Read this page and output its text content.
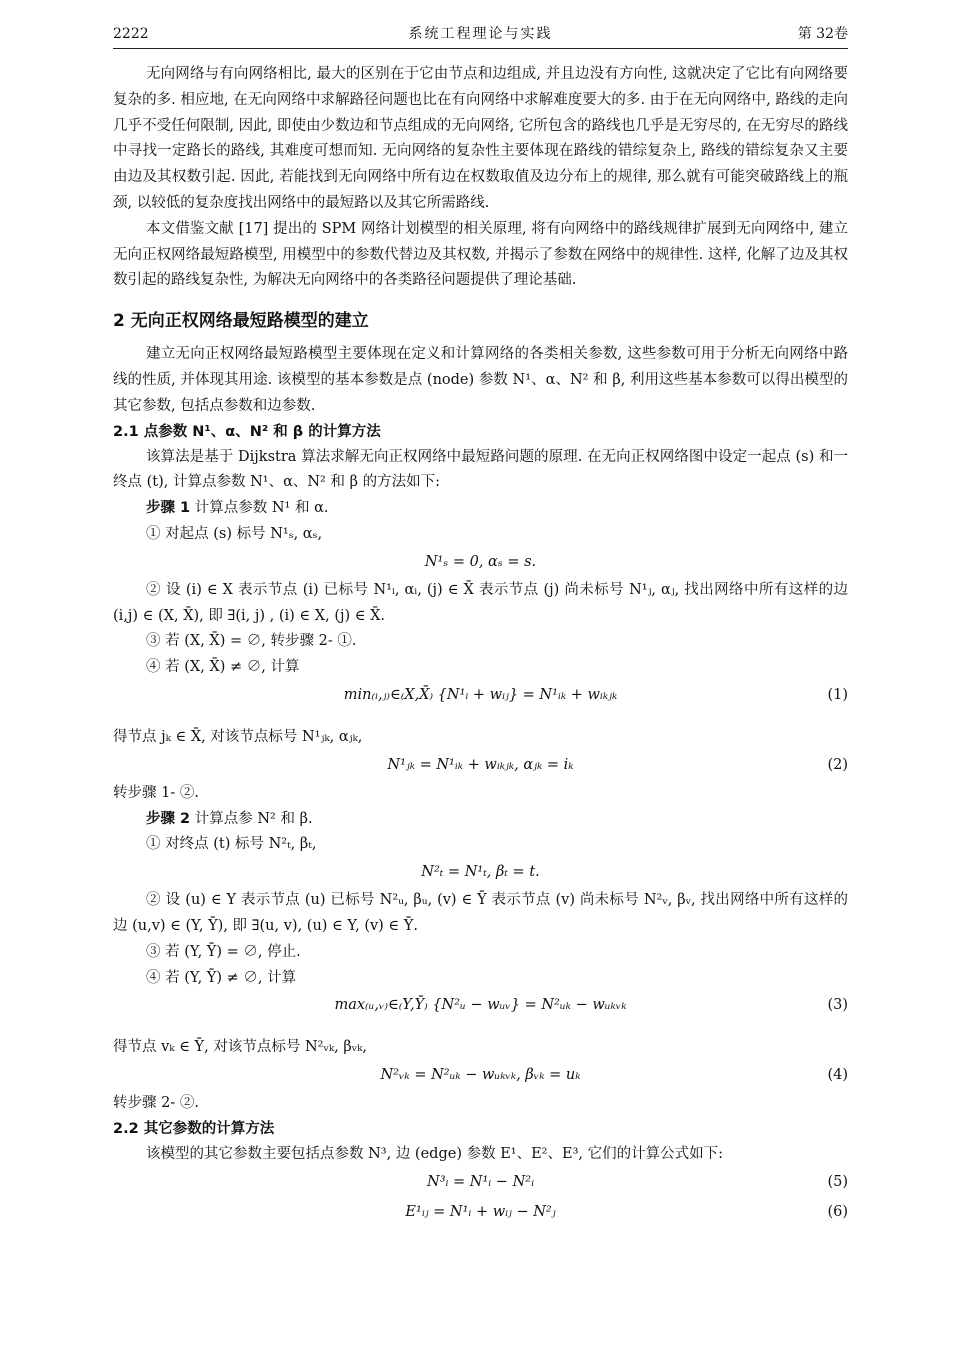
2222	系统工程理论与实践	第 32卷

无向网络与有向网络相比, 最大的区别在于它由节点和边组成, 并且边没有方向性, 这就决定了它比有向网络要复杂的多. 相应地, 在无向网络中求解路径问题也比在有向网络中求解难度要大的多. 由于在无向网络中, 路线的走向几乎不受任何限制, 因此, 即使由少数边和节点组成的无向网络, 它所包含的路线也几乎是无穷尽的, 在无穷尽的路线中寻找一定路长的路线, 其难度可想而知. 无向网络的复杂性主要体现在路线的错综复杂上, 路线的错综复杂又主要由边及其权数引起. 因此, 若能找到无向网络中所有边在权数取值及边分布上的规律, 那么就有可能突破路线上的瓶颈, 以较低的复杂度找出网络中的最短路以及其它所需路线.

本文借鉴文献 [17] 提出的 SPM 网络计划模型的相关原理, 将有向网络中的路线规律扩展到无向网络中, 建立无向正权网络最短路模型, 用模型中的参数代替边及其权数, 并揭示了参数在网络中的规律性. 这样, 化解了边及其权数引起的路线复杂性, 为解决无向网络中的各类路径问题提供了理论基础.

2 无向正权网络最短路模型的建立

建立无向正权网络最短路模型主要体现在定义和计算网络的各类相关参数, 这些参数可用于分析无向网络中路线的性质, 并体现其用途. 该模型的基本参数是点 (node) 参数 N¹、α、N² 和 β, 利用这些基本参数可以得出模型的其它参数, 包括点参数和边参数.

2.1 点参数 N¹、α、N² 和 β 的计算方法

该算法是基于 Dijkstra 算法求解无向正权网络中最短路问题的原理. 在无向正权网络图中设定一起点 (s) 和一终点 (t), 计算点参数 N¹、α、N² 和 β 的方法如下:

步骤 1 计算点参数 N¹ 和 α.

① 对起点 (s) 标号 N¹ₛ, αₛ,

N¹ₛ = 0, αₛ = s.

② 设 (i) ∈ X 表示节点 (i) 已标号 N¹ᵢ, αᵢ, (j) ∈ X̄ 表示节点 (j) 尚未标号 N¹ⱼ, αⱼ, 找出网络中所有这样的边 (i,j) ∈ (X, X̄), 即 ∃(i, j) , (i) ∈ X, (j) ∈ X̄.

③ 若 (X, X̄) = ∅, 转步骤 2- ①.

④ 若 (X, X̄) ≠ ∅, 计算

min₍ᵢ,ⱼ₎∈₍X,X̄₎ {N¹ᵢ + wᵢⱼ} = N¹ᵢₖ + wᵢₖⱼₖ	(1)

得节点 jₖ ∈ X̄, 对该节点标号 N¹ⱼₖ, αⱼₖ,

N¹ⱼₖ = N¹ᵢₖ + wᵢₖⱼₖ, αⱼₖ = iₖ	(2)

转步骤 1- ②.

步骤 2 计算点参 N² 和 β.

① 对终点 (t) 标号 N²ₜ, βₜ,

N²ₜ = N¹ₜ, βₜ = t.

② 设 (u) ∈ Y 表示节点 (u) 已标号 N²ᵤ, βᵤ, (v) ∈ Ȳ 表示节点 (v) 尚未标号 N²ᵥ, βᵥ, 找出网络中所有这样的边 (u,v) ∈ (Y, Ȳ), 即 ∃(u, v), (u) ∈ Y, (v) ∈ Ȳ.

③ 若 (Y, Ȳ) = ∅, 停止.

④ 若 (Y, Ȳ) ≠ ∅, 计算

max₍ᵤ,ᵥ₎∈₍Y,Ȳ₎ {N²ᵤ − wᵤᵥ} = N²ᵤₖ − wᵤₖᵥₖ	(3)

得节点 vₖ ∈ Ȳ, 对该节点标号 N²ᵥₖ, βᵥₖ,

N²ᵥₖ = N²ᵤₖ − wᵤₖᵥₖ, βᵥₖ = uₖ	(4)

转步骤 2- ②.

2.2 其它参数的计算方法

该模型的其它参数主要包括点参数 N³, 边 (edge) 参数 E¹、E²、E³, 它们的计算公式如下:

N³ᵢ = N¹ᵢ − N²ᵢ	(5)
E¹ᵢⱼ = N¹ᵢ + wᵢⱼ − N²ⱼ	(6)
